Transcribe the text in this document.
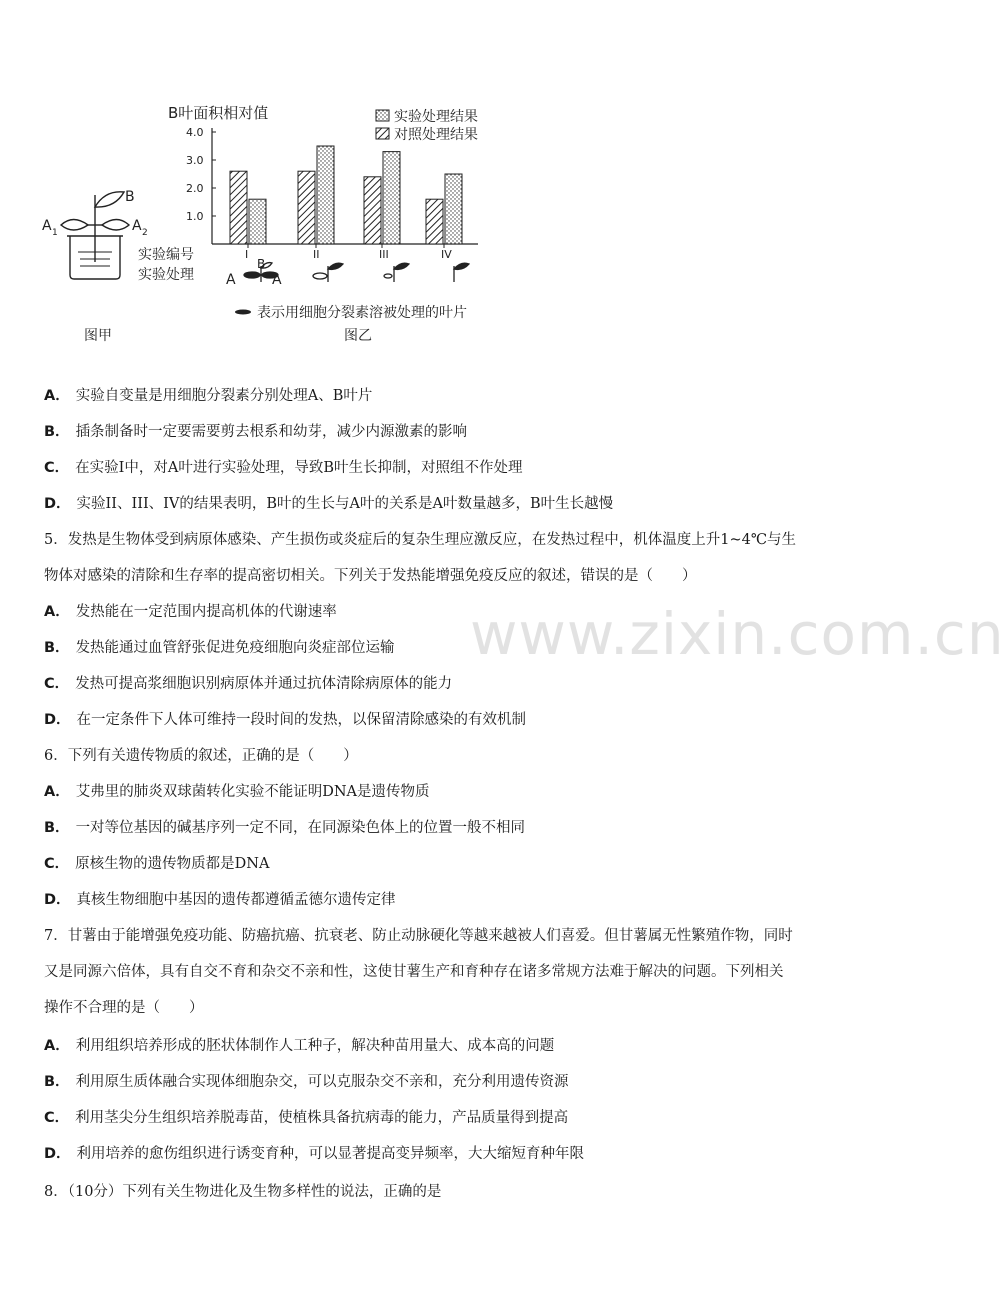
A 1
B
A 2
图甲
B叶面积相对值
1.0
2.0
3.0
4.0
I	II	III	IV
实验处理结果
对照处理结果
实验编号
实验处理 A	A
B
表示用细胞分裂素溶被处理的叶片
图乙
www.zixin.com.cn
A． 实验自变量是用细胞分裂素分别处理A、B叶片
B． 插条制备时一定要需要剪去根系和幼芽，减少内源激素的影响
C． 在实验I中，对A叶进行实验处理，导致B叶生长抑制，对照组不作处理
D． 实验II、III、IV的结果表明，B叶的生长与A叶的关系是A叶数量越多，B叶生长越慢
5．发热是生物体受到病原体感染、产生损伤或炎症后的复杂生理应激反应，在发热过程中，机体温度上升1~4℃与生
物体对感染的清除和生存率的提高密切相关。下列关于发热能增强免疫反应的叙述，错误的是（　　）
A． 发热能在一定范围内提高机体的代谢速率
B． 发热能通过血管舒张促进免疫细胞向炎症部位运输
C． 发热可提高浆细胞识别病原体并通过抗体清除病原体的能力
D． 在一定条件下人体可维持一段时间的发热，以保留清除感染的有效机制
6．下列有关遗传物质的叙述，正确的是（　　）
A． 艾弗里的肺炎双球菌转化实验不能证明DNA是遗传物质
B． 一对等位基因的碱基序列一定不同，在同源染色体上的位置一般不相同
C． 原核生物的遗传物质都是DNA
D． 真核生物细胞中基因的遗传都遵循孟德尔遗传定律
7．甘薯由于能增强免疫功能、防癌抗癌、抗衰老、防止动脉硬化等越来越被人们喜爱。但甘薯属无性繁殖作物，同时
又是同源六倍体，具有自交不育和杂交不亲和性，这使甘薯生产和育种存在诸多常规方法难于解决的问题。下列相关
操作不合理的是（　　）
A． 利用组织培养形成的胚状体制作人工种子，解决种苗用量大、成本高的问题
B． 利用原生质体融合实现体细胞杂交，可以克服杂交不亲和，充分利用遗传资源
C． 利用茎尖分生组织培养脱毒苗，使植株具备抗病毒的能力，产品质量得到提高
D． 利用培养的愈伤组织进行诱变育种，可以显著提高变异频率，大大缩短育种年限
8．（10分）下列有关生物进化及生物多样性的说法，正确的是
